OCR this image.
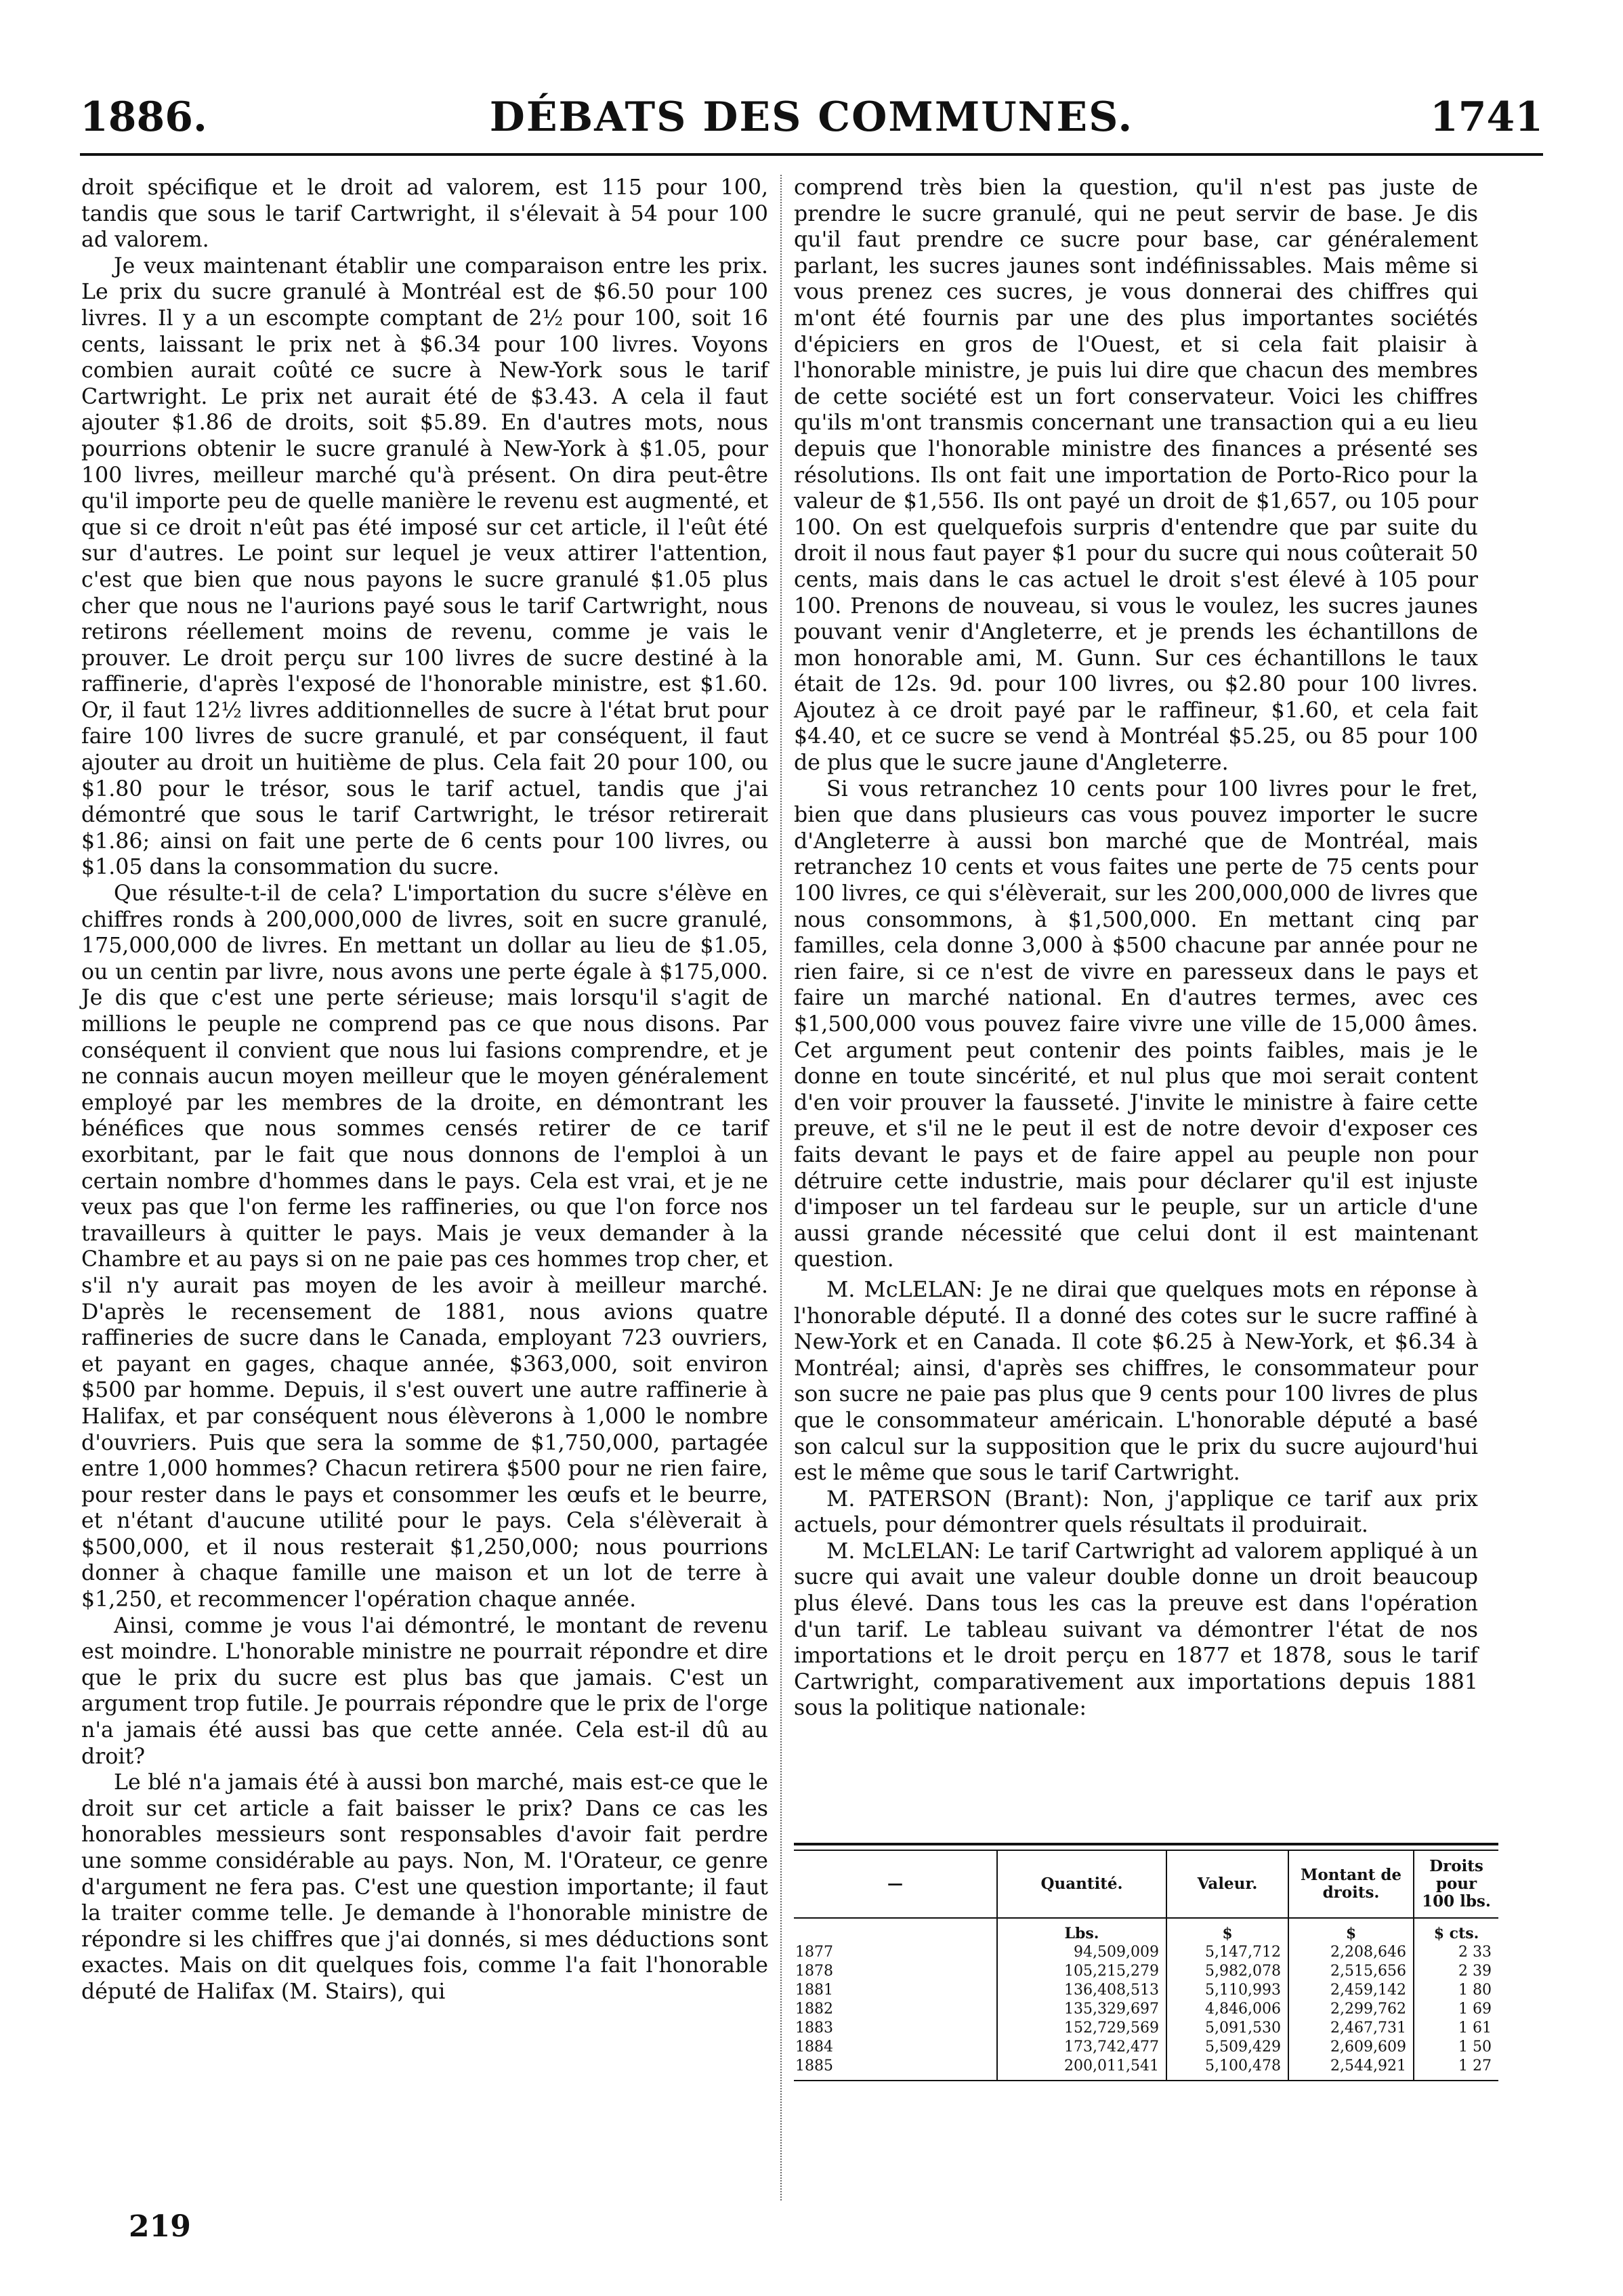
1886.	DÉBATS DES COMMUNES.	1741

droit spécifique et le droit ad valorem, est 115 pour 100, tandis que sous le tarif Cartwright, il s'élevait à 54 pour 100 ad valorem.

Je veux maintenant établir une comparaison entre les prix. Le prix du sucre granulé à Montréal est de $6.50 pour 100 livres. Il y a un escompte comptant de 2½ pour 100, soit 16 cents, laissant le prix net à $6.34 pour 100 livres. Voyons combien aurait coûté ce sucre à New-York sous le tarif Cartwright. Le prix net aurait été de $3.43. A cela il faut ajouter $1.86 de droits, soit $5.89. En d'autres mots, nous pourrions obtenir le sucre granulé à New-York à $1.05, pour 100 livres, meilleur marché qu'à présent. On dira peut-être qu'il importe peu de quelle manière le revenu est augmenté, et que si ce droit n'eût pas été imposé sur cet article, il l'eût été sur d'autres. Le point sur lequel je veux attirer l'attention, c'est que bien que nous payons le sucre granulé $1.05 plus cher que nous ne l'aurions payé sous le tarif Cartwright, nous retirons réellement moins de revenu, comme je vais le prouver. Le droit perçu sur 100 livres de sucre destiné à la raffinerie, d'après l'exposé de l'honorable ministre, est $1.60. Or, il faut 12½ livres additionnelles de sucre à l'état brut pour faire 100 livres de sucre granulé, et par conséquent, il faut ajouter au droit un huitième de plus. Cela fait 20 pour 100, ou $1.80 pour le trésor, sous le tarif actuel, tandis que j'ai démontré que sous le tarif Cartwright, le trésor retirerait $1.86; ainsi on fait une perte de 6 cents pour 100 livres, ou $1.05 dans la consommation du sucre.

Que résulte-t-il de cela? L'importation du sucre s'élève en chiffres ronds à 200,000,000 de livres, soit en sucre granulé, 175,000,000 de livres. En mettant un dollar au lieu de $1.05, ou un centin par livre, nous avons une perte égale à $175,000. Je dis que c'est une perte sérieuse; mais lorsqu'il s'agit de millions le peuple ne comprend pas ce que nous disons. Par conséquent il convient que nous lui fasions comprendre, et je ne connais aucun moyen meilleur que le moyen généralement employé par les membres de la droite, en démontrant les bénéfices que nous sommes censés retirer de ce tarif exorbitant, par le fait que nous donnons de l'emploi à un certain nombre d'hommes dans le pays. Cela est vrai, et je ne veux pas que l'on ferme les raffineries, ou que l'on force nos travailleurs à quitter le pays. Mais je veux demander à la Chambre et au pays si on ne paie pas ces hommes trop cher, et s'il n'y aurait pas moyen de les avoir à meilleur marché. D'après le recensement de 1881, nous avions quatre raffineries de sucre dans le Canada, employant 723 ouvriers, et payant en gages, chaque année, $363,000, soit environ $500 par homme. Depuis, il s'est ouvert une autre raffinerie à Halifax, et par conséquent nous élèverons à 1,000 le nombre d'ouvriers. Puis que sera la somme de $1,750,000, partagée entre 1,000 hommes? Chacun retirera $500 pour ne rien faire, pour rester dans le pays et consommer les œufs et le beurre, et n'étant d'aucune utilité pour le pays. Cela s'élèverait à $500,000, et il nous resterait $1,250,000; nous pourrions donner à chaque famille une maison et un lot de terre à $1,250, et recommencer l'opération chaque année.

Ainsi, comme je vous l'ai démontré, le montant de revenu est moindre. L'honorable ministre ne pourrait répondre et dire que le prix du sucre est plus bas que jamais. C'est un argument trop futile. Je pourrais répondre que le prix de l'orge n'a jamais été aussi bas que cette année. Cela est-il dû au droit?

Le blé n'a jamais été à aussi bon marché, mais est-ce que le droit sur cet article a fait baisser le prix? Dans ce cas les honorables messieurs sont responsables d'avoir fait perdre une somme considérable au pays. Non, M. l'Orateur, ce genre d'argument ne fera pas. C'est une question importante; il faut la traiter comme telle. Je demande à l'honorable ministre de répondre si les chiffres que j'ai donnés, si mes déductions sont exactes. Mais on dit quelques fois, comme l'a fait l'honorable député de Halifax (M. Stairs), qui

comprend très bien la question, qu'il n'est pas juste de prendre le sucre granulé, qui ne peut servir de base. Je dis qu'il faut prendre ce sucre pour base, car généralement parlant, les sucres jaunes sont indéfinissables. Mais même si vous prenez ces sucres, je vous donnerai des chiffres qui m'ont été fournis par une des plus importantes sociétés d'épiciers en gros de l'Ouest, et si cela fait plaisir à l'honorable ministre, je puis lui dire que chacun des membres de cette société est un fort conservateur. Voici les chiffres qu'ils m'ont transmis concernant une transaction qui a eu lieu depuis que l'honorable ministre des finances a présenté ses résolutions. Ils ont fait une importation de Porto-Rico pour la valeur de $1,556. Ils ont payé un droit de $1,657, ou 105 pour 100. On est quelquefois surpris d'entendre que par suite du droit il nous faut payer $1 pour du sucre qui nous coûterait 50 cents, mais dans le cas actuel le droit s'est élevé à 105 pour 100. Prenons de nouveau, si vous le voulez, les sucres jaunes pouvant venir d'Angleterre, et je prends les échantillons de mon honorable ami, M. Gunn. Sur ces échantillons le taux était de 12s. 9d. pour 100 livres, ou $2.80 pour 100 livres. Ajoutez à ce droit payé par le raffineur, $1.60, et cela fait $4.40, et ce sucre se vend à Montréal $5.25, ou 85 pour 100 de plus que le sucre jaune d'Angleterre.

Si vous retranchez 10 cents pour 100 livres pour le fret, bien que dans plusieurs cas vous pouvez importer le sucre d'Angleterre à aussi bon marché que de Montréal, mais retranchez 10 cents et vous faites une perte de 75 cents pour 100 livres, ce qui s'élèverait, sur les 200,000,000 de livres que nous consommons, à $1,500,000. En mettant cinq par familles, cela donne 3,000 à $500 chacune par année pour ne rien faire, si ce n'est de vivre en paresseux dans le pays et faire un marché national. En d'autres termes, avec ces $1,500,000 vous pouvez faire vivre une ville de 15,000 âmes. Cet argument peut contenir des points faibles, mais je le donne en toute sincérité, et nul plus que moi serait content d'en voir prouver la fausseté. J'invite le ministre à faire cette preuve, et s'il ne le peut il est de notre devoir d'exposer ces faits devant le pays et de faire appel au peuple non pour détruire cette industrie, mais pour déclarer qu'il est injuste d'imposer un tel fardeau sur le peuple, sur un article d'une aussi grande nécessité que celui dont il est maintenant question.

M. McLELAN: Je ne dirai que quelques mots en réponse à l'honorable député. Il a donné des cotes sur le sucre raffiné à New-York et en Canada. Il cote $6.25 à New-York, et $6.34 à Montréal; ainsi, d'après ses chiffres, le consommateur pour son sucre ne paie pas plus que 9 cents pour 100 livres de plus que le consommateur américain. L'honorable député a basé son calcul sur la supposition que le prix du sucre aujourd'hui est le même que sous le tarif Cartwright.

M. PATERSON (Brant): Non, j'applique ce tarif aux prix actuels, pour démontrer quels résultats il produirait.

M. McLELAN: Le tarif Cartwright ad valorem appliqué à un sucre qui avait une valeur double donne un droit beaucoup plus élevé. Dans tous les cas la preuve est dans l'opération d'un tarif. Le tableau suivant va démontrer l'état de nos importations et le droit perçu en 1877 et 1878, sous le tarif Cartwright, comparativement aux importations depuis 1881 sous la politique nationale:

219
—	Quantité.	Valeur.	Montant de droits.	Droits pour 100 lbs.
	Lbs.	$	$	$ cts.
1877	94,509,009	5,147,712	2,208,646	2 33
1878	105,215,279	5,982,078	2,515,656	2 39
1881	136,408,513	5,110,993	2,459,142	1 80
1882	135,329,697	4,846,006	2,299,762	1 69
1883	152,729,569	5,091,530	2,467,731	1 61
1884	173,742,477	5,509,429	2,609,609	1 50
1885	200,011,541	5,100,478	2,544,921	1 27
